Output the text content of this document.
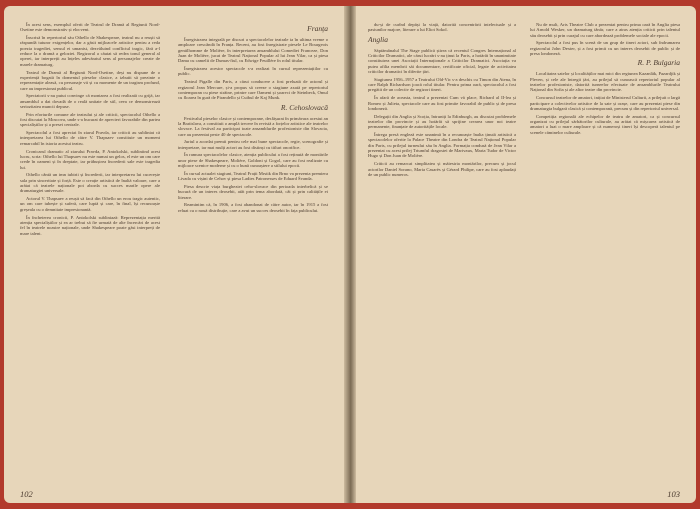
În acest sens, exemplul oferit de Teatrul de Dramă al Regiunii Nord-Osetine este demonstrativ și elocvent.

Înscrisă în repertoriul său Othello de Shakespeare, teatrul nu a reușit să răspundă tuturor exigențelor, dar a găsit mijloacele artistice pentru a reda poezia tragediei, sensul ei umanist, dezvăluind conflictul tragic, fără a-l reduce la o dramă a geloziei. Regizorul a căutat să redea tonul general al operei, iar interpreții au înțeles adevăratul sens al personajelor create de marele dramaturg.

Teatrul de Dramă al Regiunii Nord-Osetine, deși nu dispune de o experiență bogată în domeniul pieselor clasice, a izbutit să prezinte o reprezentație aleasă, cu personaje vii și cu momente de un tragism profund, care au impresionat publicul.

Spectatorii s-au putut convinge că montarea a fost realizată cu grijă, iar ansamblul a dat dovadă de o reală unitate de stil, ceea ce demonstrează seriozitatea muncii depuse.

Prin eforturile comune ale teatrului și ale criticii, spectacolul Othello a fost discutat la Moscova, unde s-a bucurat de aprecieri favorabile din partea specialiștilor și a presei centrale.

Spectacolul a fost apreciat în ziarul Pravda, iar criticii au subliniat că interpretarea lui Othello de către V. Thapsaev constituie un moment remarcabil în istoria acestui teatru.

Cronicarul dramatic al ziarului Pravda, P. Antokolski, subliniind acest lucru, scria: Othello lui Thapsaev nu este numai un gelos, el este un om care crede în oameni și în dreptate, iar prăbușirea încrederii sale este tragedia lui.

Othello cântă un imn iubirii și încrederii, iar interpretarea lui cucerește sala prin sinceritate și forță. Este o creație artistică de înaltă valoare, care a arătat că teatrele naționale pot aborda cu succes marile opere ale dramaturgiei universale.

Actorul V. Thapsaev a reușit să facă din Othello un erou tragic autentic, un om care iubește și suferă, care luptă și care, în final, își recunoaște greșeala cu o demnitate impresionantă.

În încheierea cronicii, P. Antokolski subliniază: Reprezentația merită atenția specialiștilor și ea ar trebui să fie urmată de alte încercări de acest fel în teatrele noastre naționale, unde Shakespeare poate găsi interpreți de mare talent.

Franța

Înregistrarea integrală pe discuri a spectacolelor teatrale ia în ultima vreme o amploare crescândă în Franța. Recent, au fost înregistrate piesele Le Bourgeois gentilhomme de Molière, în interpretarea ansamblului Comediei Franceze, Don Juan de Molière, jucat de Teatrul Național Popular al lui Jean Vilar, ca și piesa Dama cu camelii de Dumas-fiul, cu Edwige Feuillère în rolul titular.

Înregistrarea acestor spectacole s-a realizat în cursul reprezentațiilor cu public.

Teatrul Pigalle din Paris, a cărui conducere a fost preluată de actorul și regizorul Jean Mercure, și-a propus să creeze o stagiune axată pe repertoriul contemporan cu piese străine, printre care Oameni și șoareci de Steinbeck, Omul cu floarea în gură de Pirandello și Cuibul de Kaj Munk.

R. Cehoslovacă

Festivalul pieselor clasice și contemporane, desfășurat în primăvara acestui an la Bratislava, a constituit o amplă trecere în revistă a forțelor artistice ale teatrelor slovace. La festival au participat toate ansamblurile profesioniste din Slovacia, care au prezentat peste 40 de spectacole.

Juriul a acordat premii pentru cele mai bune spectacole, regie, scenografie și interpretare, iar mai mulți actori au fost distinși cu titluri onorifice.

În ramura spectacolelor clasice, atenția publicului a fost reținută de montările unor piese de Shakespeare, Molière, Goldoni și Gogol, care au fost realizate cu mijloace scenice moderne și cu o bună cunoaștere a stilului epocii.

În cursul actualei stagiuni, Teatrul Frații Mrstik din Brno va prezenta premiera Livada cu vișini de Cehov și piesa Ladies Patronesses de Eduard Švanda.

Piesa descrie viața burgheziei ceho-slovace din perioada interbelică și se bucură de un interes deosebit, atât prin tema abordată, cât și prin calitățile ei literare.

Reamintim că, în 1906, a fost abandonat de către autor, iar în 1915 a fost reluat cu o nouă distribuție, care a avut un succes deosebit în fața publicului.

102

du-și de curînd depăși la viață, datorită concentrării intelectuale și a pasiunilor majore, literare a lui Eliot Sokol.

Anglia

Săptămânalul The Stage publică știrea că recentul Congres Internațional al Criticilor Dramatici, ale cărui lucrări s-au ținut la Paris, a hotărât în unanimitate constituirea unei Asociații Internaționale a Criticilor Dramatici. Asociația va putea afilia membrii săi documentare, certificate oficial, legate de activitatea criticilor dramatici în diferite țări.

Stagiunea 1956–1957 a Teatrului Old-Vic s-a deschis cu Timon din Atena, în care Ralph Richardson joacă rolul titular. Pentru prima oară, spectacolul a fost pregătit de un colectiv de regizori tineri.

În afară de aceasta, teatrul a prezentat Cum vă place, Richard al II-lea și Romeo și Julieta, spectacole care au fost primite favorabil de public și de presa londoneză.

Delegații din Anglia și Scoția, întruniți la Edinburgh, au discutat problemele teatrelor din provincie și au hotărât să sprijine crearea unor noi teatre permanente, finanțate de autoritățile locale.

Întrega presă engleză este unanimă în a recunoaște înalta ținută artistică a spectacolelor oferite la Palace Theatre din Londra de Teatrul Național Popular din Paris, cu prilejul turneului său în Anglia. Formația condusă de Jean Vilar a prezentat cu acest prilej Triumful dragostei de Marivaux, Maria Tudor de Victor Hugo și Don Juan de Molière.

Criticii au remarcat simplitatea și măiestria montărilor, precum și jocul actorilor Daniel Sorano, Maria Casarès și Gérard Philipe, care au fost aplaudați de un public numeros.

Nu de mult, Arts Theatre Club a prezentat pentru prima oară în Anglia piesa lui Arnold Wesker, un dramaturg tânăr, care a atras atenția criticii prin talentul său deosebit și prin curajul cu care abordează problemele sociale ale epocii.

Spectacolul a fost pus în scenă de un grup de tineri actori, sub îndrumarea regizorului John Dexter, și a fost primit cu un interes deosebit de public și de presa londoneză.

R. P. Bulgaria

Localitatea satelor și localităților mai mici din regiunea Kazanlăk, Pazardjik și Pleven, și cele ale întregii țări, au prilejul să cunoască repertoriul popular al teatrelor profesioniste, datorită turneelor efectuate de ansamblurile Teatrului Național din Sofia și ale altor teatre din provincie.

Concursul teatrelor de amatori, inițiat de Ministerul Culturii, a prilejuit o largă participare a colectivelor artistice de la sate și orașe, care au prezentat piese din dramaturgia bulgară clasică și contemporană, precum și din repertoriul universal.

Competiția regională ale echipelor de teatru de amatori, ca și concursul organizat cu prilejul sărbătorilor culturale, au arătat că mișcarea artistică de amatori a luat o mare amploare și că numeroși tineri își descoperă talentul pe scenele căminelor culturale.

103
